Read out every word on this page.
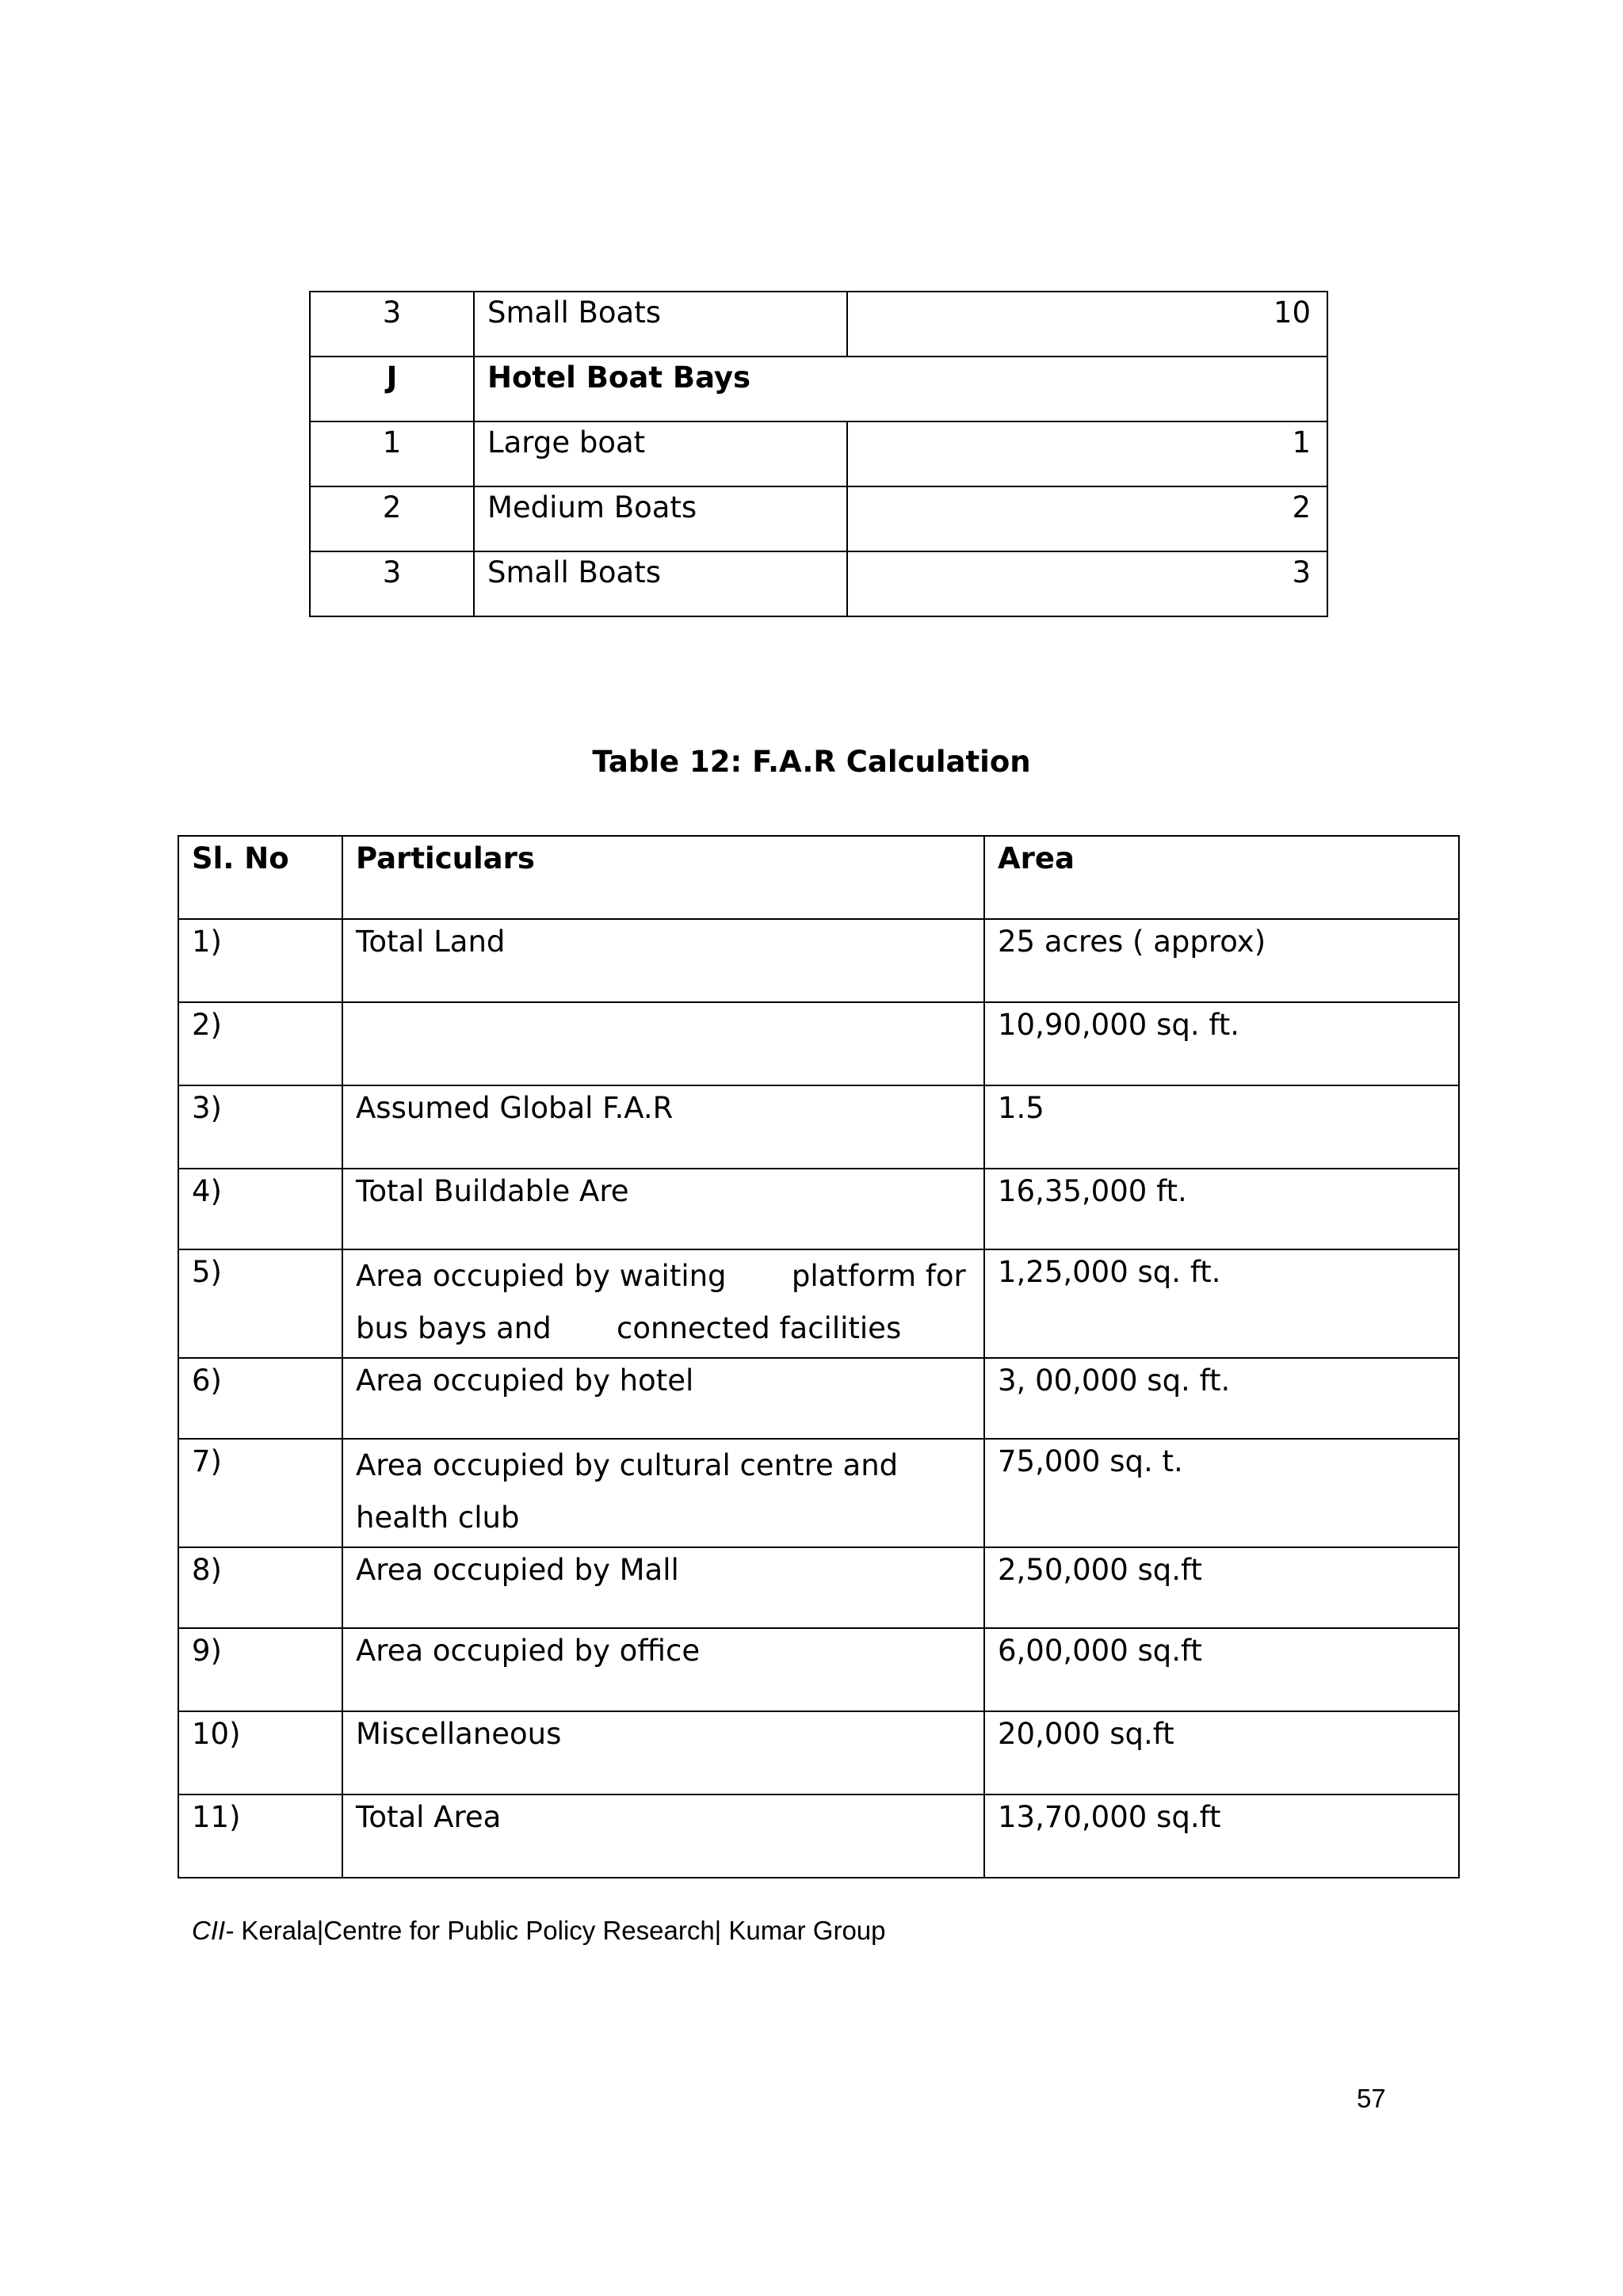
3	Small Boats	10
J	Hotel Boat Bays	
1	Large boat	1
2	Medium Boats	2
3	Small Boats	3
Table 12: F.A.R Calculation
Sl. No	Particulars	Area
1)	Total Land	25 acres ( approx)
2)		10,90,000 sq. ft.
3)	Assumed Global F.A.R	1.5
4)	Total Buildable Are	16,35,000 ft.
5)	Area occupied by waiting       platform for bus bays and       connected facilities	1,25,000 sq. ft.
6)	Area occupied by hotel	3, 00,000 sq. ft.
7)	Area occupied by cultural centre and health club	75,000 sq. t.
8)	Area occupied by Mall	2,50,000 sq.ft
9)	Area occupied by office	6,00,000 sq.ft
10)	Miscellaneous	20,000 sq.ft
11)	Total Area	13,70,000 sq.ft
CII- Kerala|Centre for Public Policy Research| Kumar Group
57
